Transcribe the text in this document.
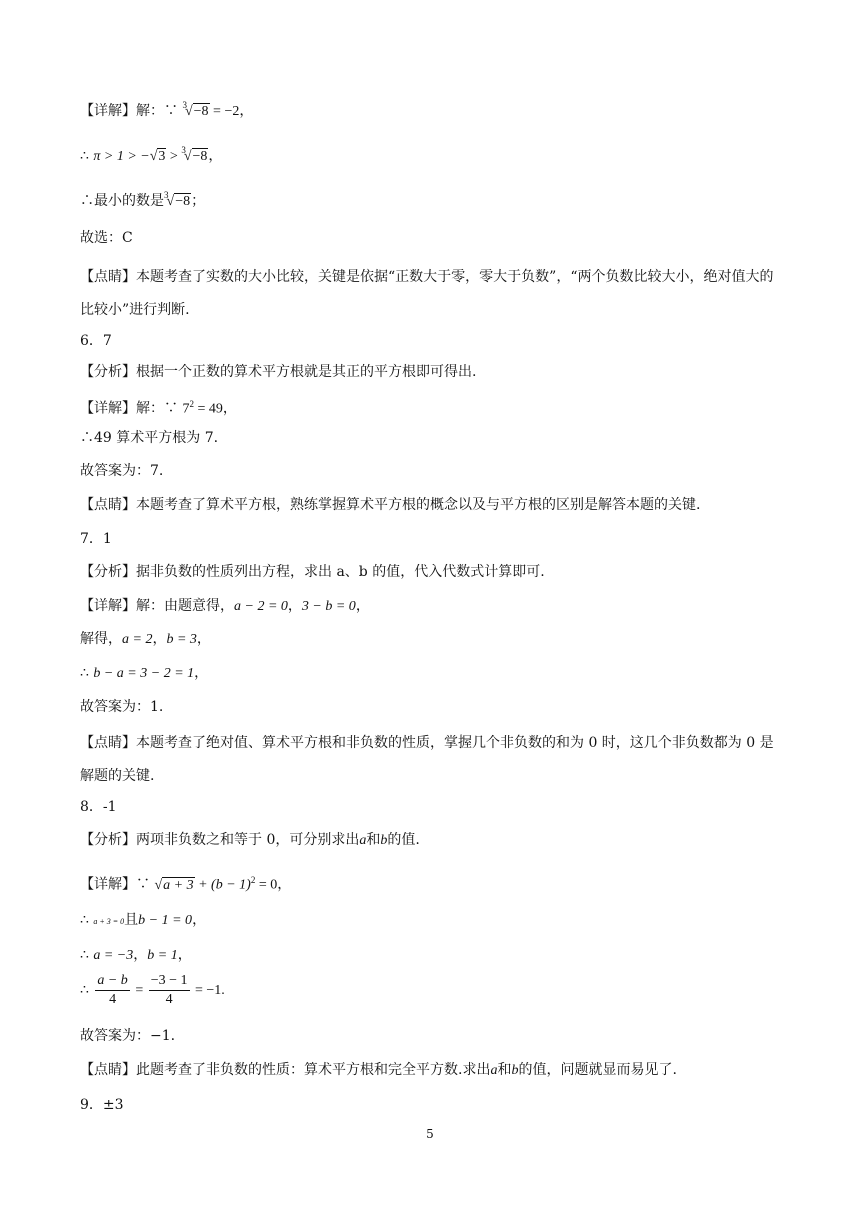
【详解】解：∵ $^3$√−8 = −2，
∴ π > 1 > −√3 > $^3$√−8，
∴最小的数是$^3$√−8；
故选：C
【点睛】本题考查了实数的大小比较，关键是依据“正数大于零，零大于负数”，“两个负数比较大小，绝对值大的比较小”进行判断.
6．7
【分析】根据一个正数的算术平方根就是其正的平方根即可得出.
【详解】解：∵ $7^2 = 49$，
∴49 算术平方根为 7.
故答案为：7.
【点睛】本题考查了算术平方根，熟练掌握算术平方根的概念以及与平方根的区别是解答本题的关键.
7．1
【分析】据非负数的性质列出方程，求出 a、b 的值，代入代数式计算即可.
【详解】解：由题意得，a − 2 = 0，3 − b = 0，
解得，a = 2，b = 3，
∴ b − a = 3 − 2 = 1，
故答案为：1.
【点睛】本题考查了绝对值、算术平方根和非负数的性质，掌握几个非负数的和为 0 时，这几个非负数都为 0 是解题的关键.
8．-1
【分析】两项非负数之和等于 0，可分别求出a和b的值.
【详解】∵ $√a + 3 + (b - 1)^2 = 0$，
∴ a + 3 = 0且b − 1 = 0，
∴ a = −3，b = 1，
∴ $\frac{a - b}{4} = \frac{-3 - 1}{4} = -1$.
故答案为：−1.
【点睛】此题考查了非负数的性质：算术平方根和完全平方数.求出a和b的值，问题就显而易见了.
9．±3
5
